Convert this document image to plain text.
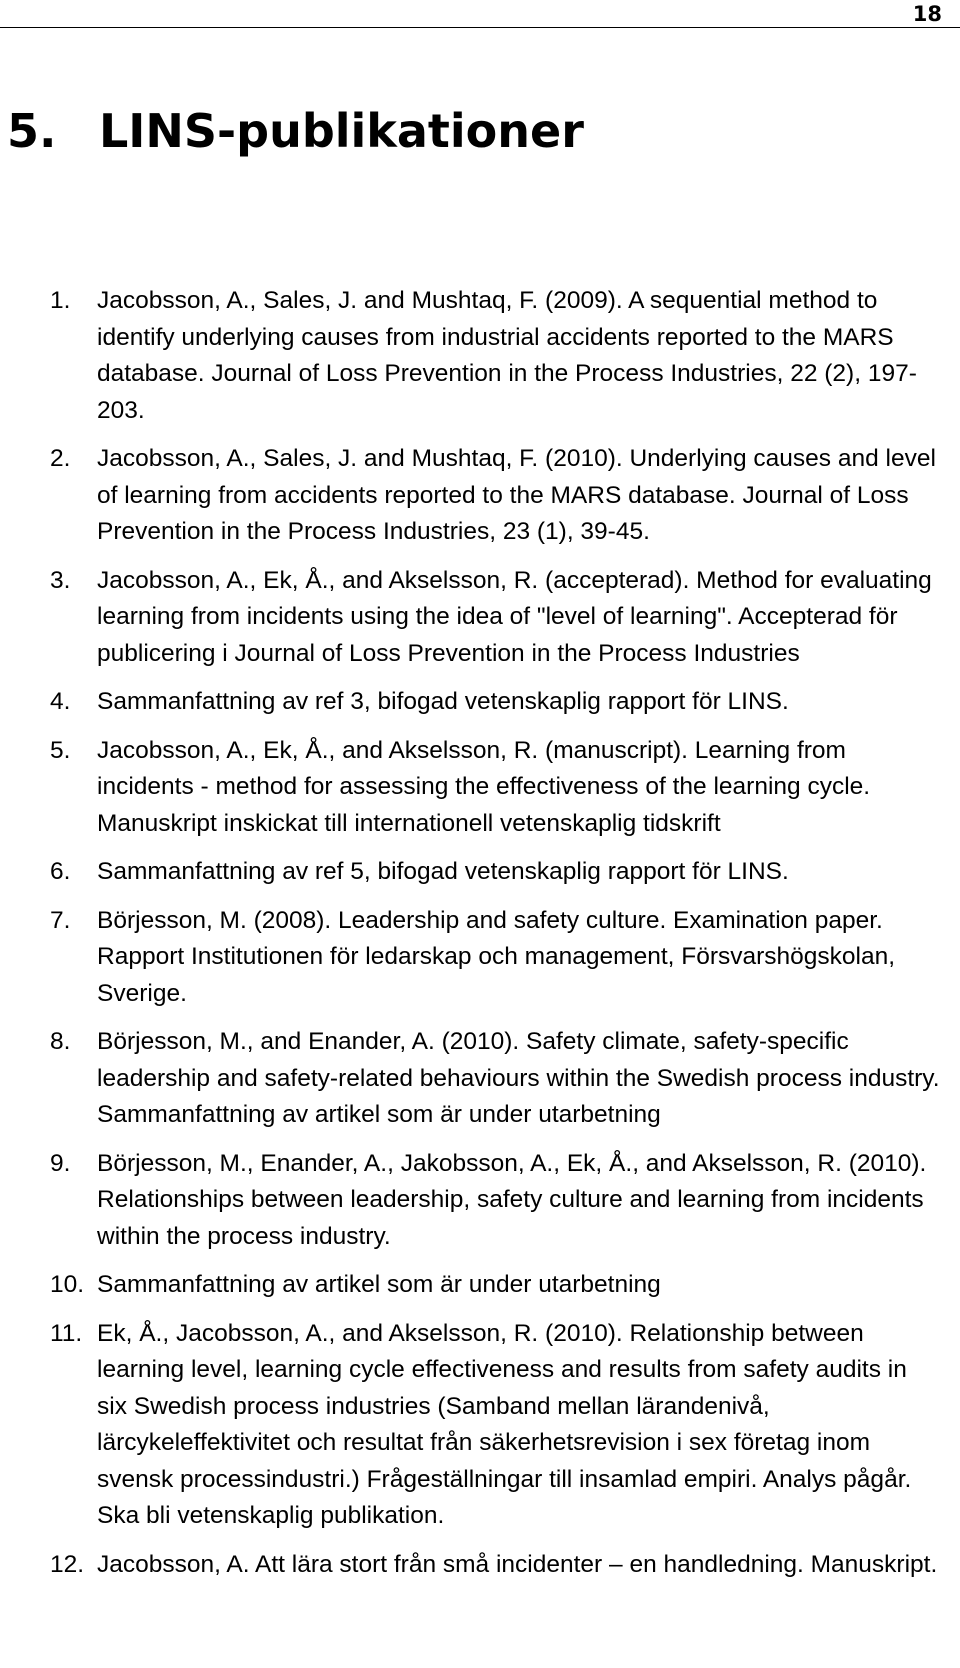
18
5. LINS-publikationer
1. Jacobsson, A., Sales, J. and Mushtaq, F. (2009). A sequential method to identify underlying causes from industrial accidents reported to the MARS database. Journal of Loss Prevention in the Process Industries, 22 (2), 197-203.
2. Jacobsson, A., Sales, J. and Mushtaq, F. (2010). Underlying causes and level of learning from accidents reported to the MARS database. Journal of Loss Prevention in the Process Industries, 23 (1), 39-45.
3. Jacobsson, A., Ek, Å., and Akselsson, R. (accepterad). Method for evaluating learning from incidents using the idea of "level of learning". Accepterad för publicering i Journal of Loss Prevention in the Process Industries
4. Sammanfattning av ref 3, bifogad vetenskaplig rapport för LINS.
5. Jacobsson, A., Ek, Å., and Akselsson, R. (manuscript). Learning from incidents - method for assessing the effectiveness of the learning cycle. Manuskript inskickat till internationell vetenskaplig tidskrift
6. Sammanfattning av ref 5, bifogad vetenskaplig rapport för LINS.
7. Börjesson, M. (2008). Leadership and safety culture. Examination paper. Rapport Institutionen för ledarskap och management, Försvarshögskolan, Sverige.
8. Börjesson, M., and Enander, A. (2010). Safety climate, safety-specific leadership and safety-related behaviours within the Swedish process industry. Sammanfattning av artikel som är under utarbetning
9. Börjesson, M., Enander, A., Jakobsson, A., Ek, Å., and Akselsson, R. (2010). Relationships between leadership, safety culture and learning from incidents within the process industry.
10. Sammanfattning av artikel som är under utarbetning
11. Ek, Å., Jacobsson, A., and Akselsson, R. (2010). Relationship between learning level, learning cycle effectiveness and results from safety audits in six Swedish process industries (Samband mellan lärandenivå, lärcykeleffektivitet och resultat från säkerhetsrevision i sex företag inom svensk processindustri.) Frågeställningar till insamlad empiri. Analys pågår. Ska bli vetenskaplig publikation.
12. Jacobsson, A. Att lära stort från små incidenter – en handledning. Manuskript.
